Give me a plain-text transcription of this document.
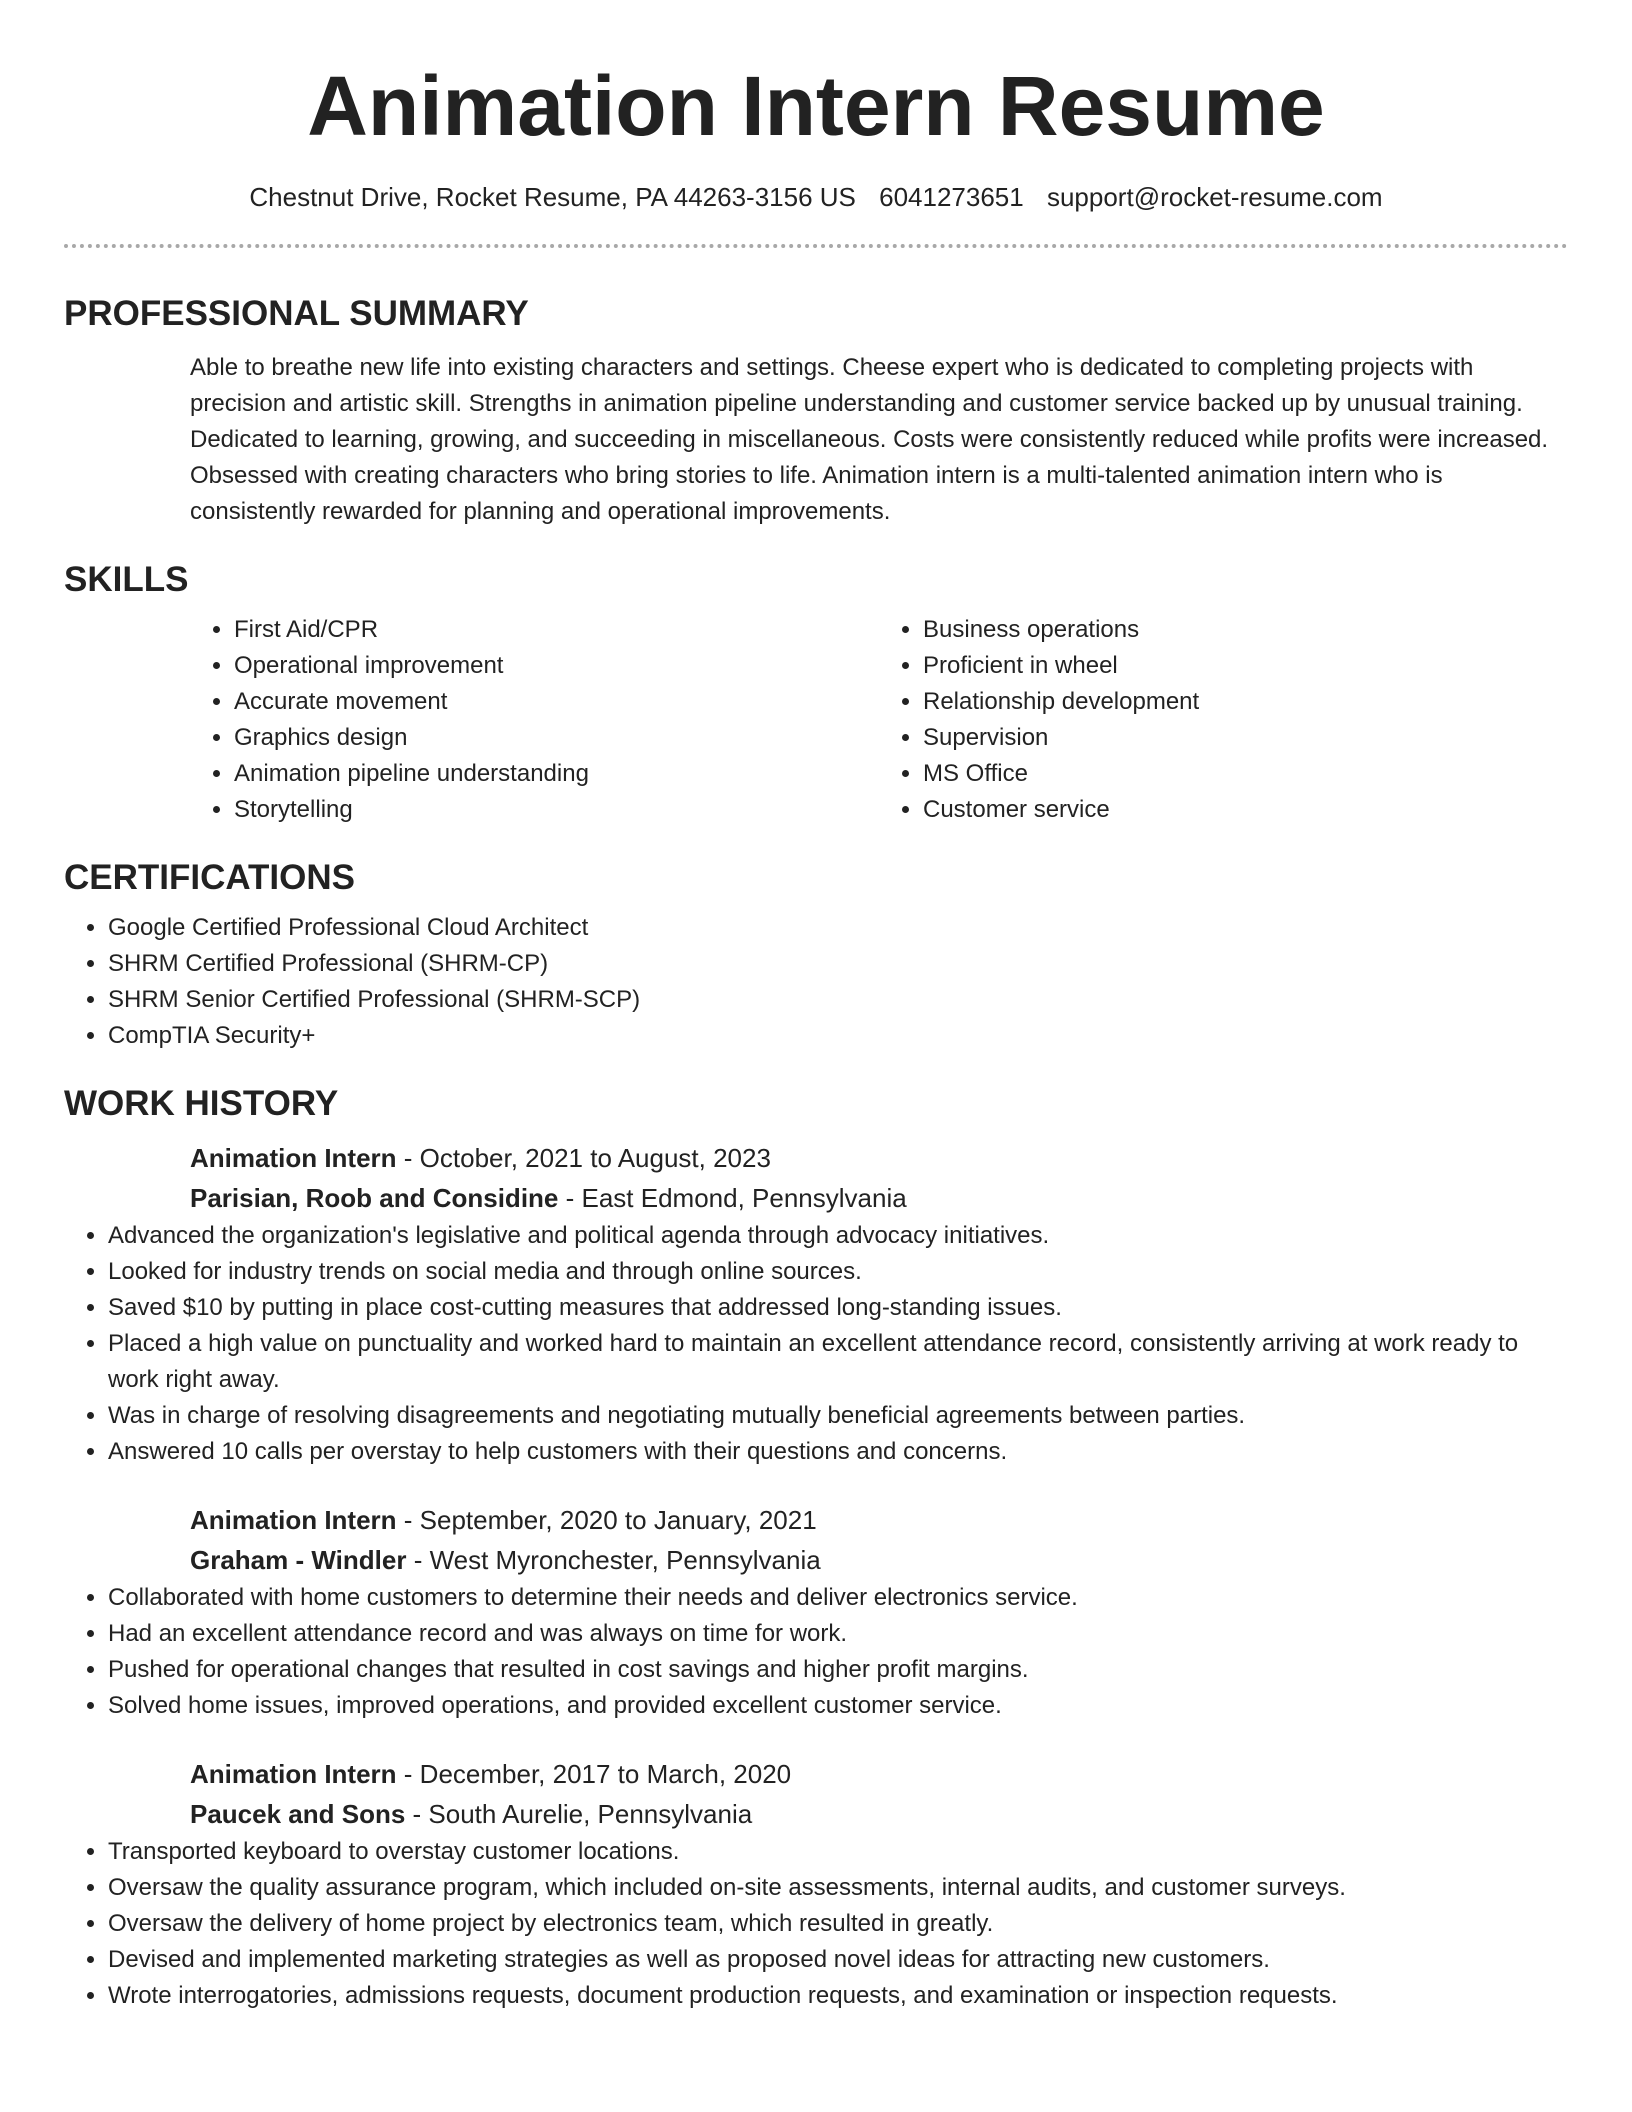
Animation Intern Resume
Chestnut Drive, Rocket Resume, PA 44263-3156 US 6041273651 support@rocket-resume.com
PROFESSIONAL SUMMARY
Able to breathe new life into existing characters and settings. Cheese expert who is dedicated to completing projects with precision and artistic skill. Strengths in animation pipeline understanding and customer service backed up by unusual training. Dedicated to learning, growing, and succeeding in miscellaneous. Costs were consistently reduced while profits were increased. Obsessed with creating characters who bring stories to life. Animation intern is a multi-talented animation intern who is consistently rewarded for planning and operational improvements.
SKILLS
• First Aid/CPR
• Operational improvement
• Accurate movement
• Graphics design
• Animation pipeline understanding
• Storytelling
• Business operations
• Proficient in wheel
• Relationship development
• Supervision
• MS Office
• Customer service
CERTIFICATIONS
• Google Certified Professional Cloud Architect
• SHRM Certified Professional (SHRM-CP)
• SHRM Senior Certified Professional (SHRM-SCP)
• CompTIA Security+
WORK HISTORY
Animation Intern - October, 2021 to August, 2023
Parisian, Roob and Considine - East Edmond, Pennsylvania
• Advanced the organization's legislative and political agenda through advocacy initiatives.
• Looked for industry trends on social media and through online sources.
• Saved $10 by putting in place cost-cutting measures that addressed long-standing issues.
• Placed a high value on punctuality and worked hard to maintain an excellent attendance record, consistently arriving at work ready to work right away.
• Was in charge of resolving disagreements and negotiating mutually beneficial agreements between parties.
• Answered 10 calls per overstay to help customers with their questions and concerns.
Animation Intern - September, 2020 to January, 2021
Graham - Windler - West Myronchester, Pennsylvania
• Collaborated with home customers to determine their needs and deliver electronics service.
• Had an excellent attendance record and was always on time for work.
• Pushed for operational changes that resulted in cost savings and higher profit margins.
• Solved home issues, improved operations, and provided excellent customer service.
Animation Intern - December, 2017 to March, 2020
Paucek and Sons - South Aurelie, Pennsylvania
• Transported keyboard to overstay customer locations.
• Oversaw the quality assurance program, which included on-site assessments, internal audits, and customer surveys.
• Oversaw the delivery of home project by electronics team, which resulted in greatly.
• Devised and implemented marketing strategies as well as proposed novel ideas for attracting new customers.
• Wrote interrogatories, admissions requests, document production requests, and examination or inspection requests.
